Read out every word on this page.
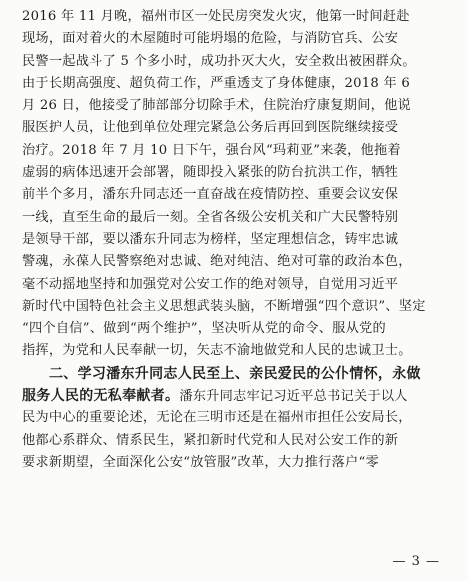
2016 年 11 月晚，福州市区一处民房突发火灾，他第一时间赶赴
现场，面对着火的木屋随时可能坍塌的危险，与消防官兵、公安
民警一起战斗了 5 个多小时，成功扑灭大火，安全救出被困群众。
由于长期高强度、超负荷工作，严重透支了身体健康，2018 年 6
月 26 日，他接受了肺部部分切除手术，住院治疗康复期间，他说
服医护人员，让他到单位处理完紧急公务后再回到医院继续接受
治疗。2018 年 7 月 10 日下午，强台风“玛莉亚”来袭，他拖着
虚弱的病体迅速开会部署，随即投入紧张的防台抗洪工作，牺牲
前半个多月，潘东升同志还一直奋战在疫情防控、重要会议安保
一线，直至生命的最后一刻。全省各级公安机关和广大民警特别
是领导干部，要以潘东升同志为榜样，坚定理想信念，铸牢忠诚
警魂，永葆人民警察绝对忠诚、绝对纯洁、绝对可靠的政治本色，
毫不动摇地坚持和加强党对公安工作的绝对领导，自觉用习近平
新时代中国特色社会主义思想武装头脑，不断增强“四个意识”、坚定
“四个自信”、做到“两个维护”，坚决听从党的命令、服从党的
指挥，为党和人民奉献一切，矢志不渝地做党和人民的忠诚卫士。
二、学习潘东升同志人民至上、亲民爱民的公仆情怀，永做
服务人民的无私奉献者。潘东升同志牢记习近平总书记关于以人
民为中心的重要论述，无论在三明市还是在福州市担任公安局长，
他都心系群众、情系民生，紧扣新时代党和人民对公安工作的新
要求新期望，全面深化公安“放管服”改革，大力推行落户“零
— 3 —
